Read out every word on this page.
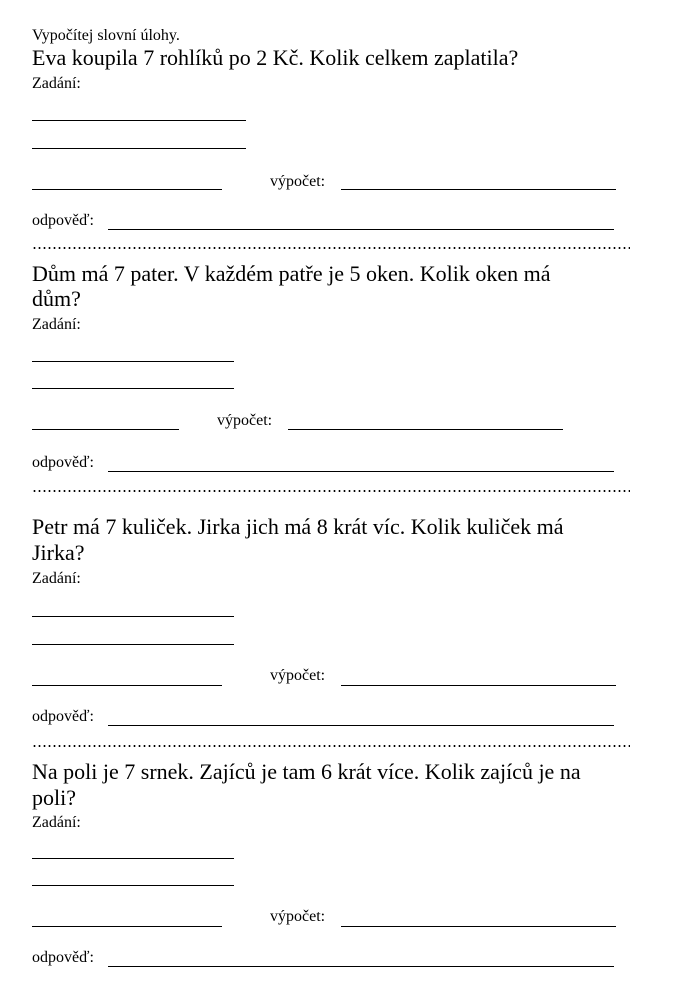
Vypočítej slovní úlohy.
Eva koupila 7 rohlíků po 2 Kč. Kolik celkem zaplatila?
Zadání:
výpočet:
odpověď:
Dům má 7 pater. V každém patře je 5 oken. Kolik oken má
dům?
Zadání:
výpočet:
odpověď:
Petr má 7 kuliček. Jirka jich má 8 krát víc. Kolik kuliček má
Jirka?
Zadání:
výpočet:
odpověď:
Na poli je 7 srnek. Zajíců je tam 6 krát více. Kolik zajíců je na
poli?
Zadání:
výpočet:
odpověď:
